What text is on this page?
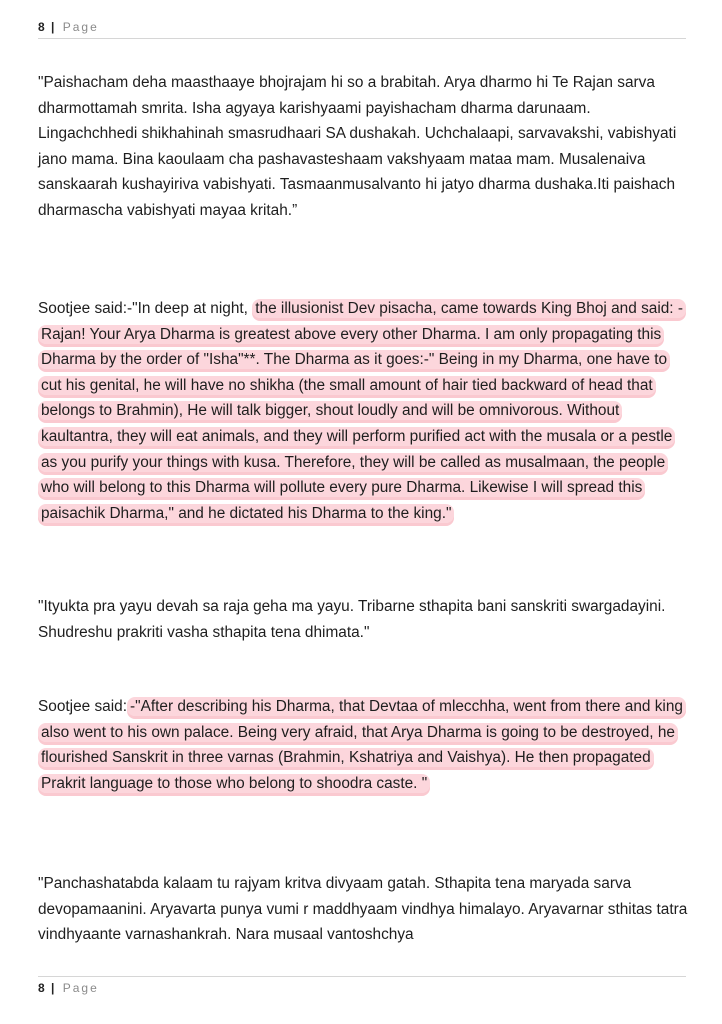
8 | Page
"Paishacham deha maasthaaye bhojrajam hi so a brabitah. Arya dharmo hi Te Rajan sarva dharmottamah smrita. Isha agyaya karishyaami payishacham dharma darunaam. Lingachchhedi shikhahinah smasrudhaari SA dushakah. Uchchalaapi, sarvavakshi, vabishyati jano mama. Bina kaoulaam cha pashavasteshaam vakshyaam mataa mam. Musalenaiva sanskaarah kushayiriva vabishyati. Tasmaanmusalvanto hi jatyo dharma dushaka.Iti paishach dharmascha vabishyati mayaa kritah.”
Sootjee said:-"In deep at night, the illusionist Dev pisacha, came towards King Bhoj and said: - Rajan! Your Arya Dharma is greatest above every other Dharma. I am only propagating this Dharma by the order of "Isha"**. The Dharma as it goes:-" Being in my Dharma, one have to cut his genital, he will have no shikha (the small amount of hair tied backward of head that belongs to Brahmin), He will talk bigger, shout loudly and will be omnivorous. Without kaultantra, they will eat animals, and they will perform purified act with the musala or a pestle as you purify your things with kusa. Therefore, they will be called as musalmaan, the people who will belong to this Dharma will pollute every pure Dharma. Likewise I will spread this paisachik Dharma," and he dictated his Dharma to the king."
"Ityukta pra yayu devah sa raja geha ma yayu. Tribarne sthapita bani sanskriti swargadayini. Shudreshu prakriti vasha sthapita tena dhimata."
Sootjee said: -"After describing his Dharma, that Devtaa of mlecchha, went from there and king also went to his own palace. Being very afraid, that Arya Dharma is going to be destroyed, he flourished Sanskrit in three varnas (Brahmin, Kshatriya and Vaishya). He then propagated Prakrit language to those who belong to shoodra caste. "
"Panchashatabda kalaam tu rajyam kritva divyaam gatah. Sthapita tena maryada sarva devopamaanini. Aryavarta punya vumi r maddhyaam vindhya himalayo. Aryavarnar sthitas tatra vindhyaante varnashankrah. Nara musaal vantoshchya
8 | Page
